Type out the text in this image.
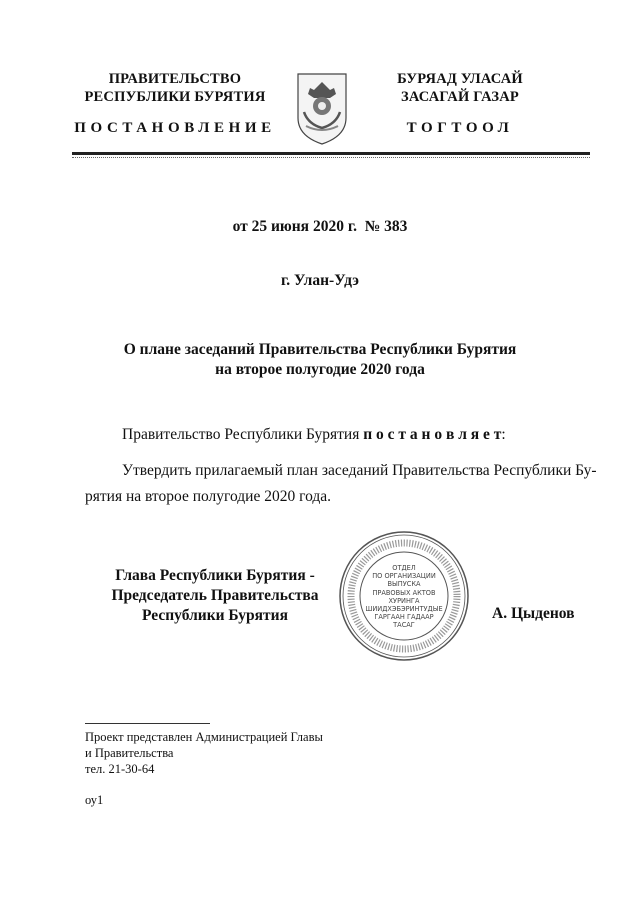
ПРАВИТЕЛЬСТВО
РЕСПУБЛИКИ БУРЯТИЯ
БУРЯАД УЛАСАЙ
ЗАСАГАЙ ГАЗАР
ПОСТАНОВЛЕНИЕ	ТОГТООЛ
от 25 июня 2020 г.  № 383
г. Улан-Удэ
О плане заседаний Правительства Республики Бурятия
на второе полугодие 2020 года
Правительство Республики Бурятия п о с т а н о в л я е т:
Утвердить прилагаемый план заседаний Правительства Республики Бу-
рятия на второе полугодие 2020 года.
Глава Республики Бурятия -
Председатель Правительства
Республики Бурятия
ОТДЕЛ
ПО ОРГАНИЗАЦИИ
ВЫПУСКА
ПРАВОВЫХ АКТОВ
ХУРИНГА
ШИИДХЭБЭРИНТУДЫЕ
ГАРГААН ГАДААР
ТАСАГ
А. Цыденов
Проект представлен Администрацией Главы
и Правительства
тел. 21-30-64
оу1
